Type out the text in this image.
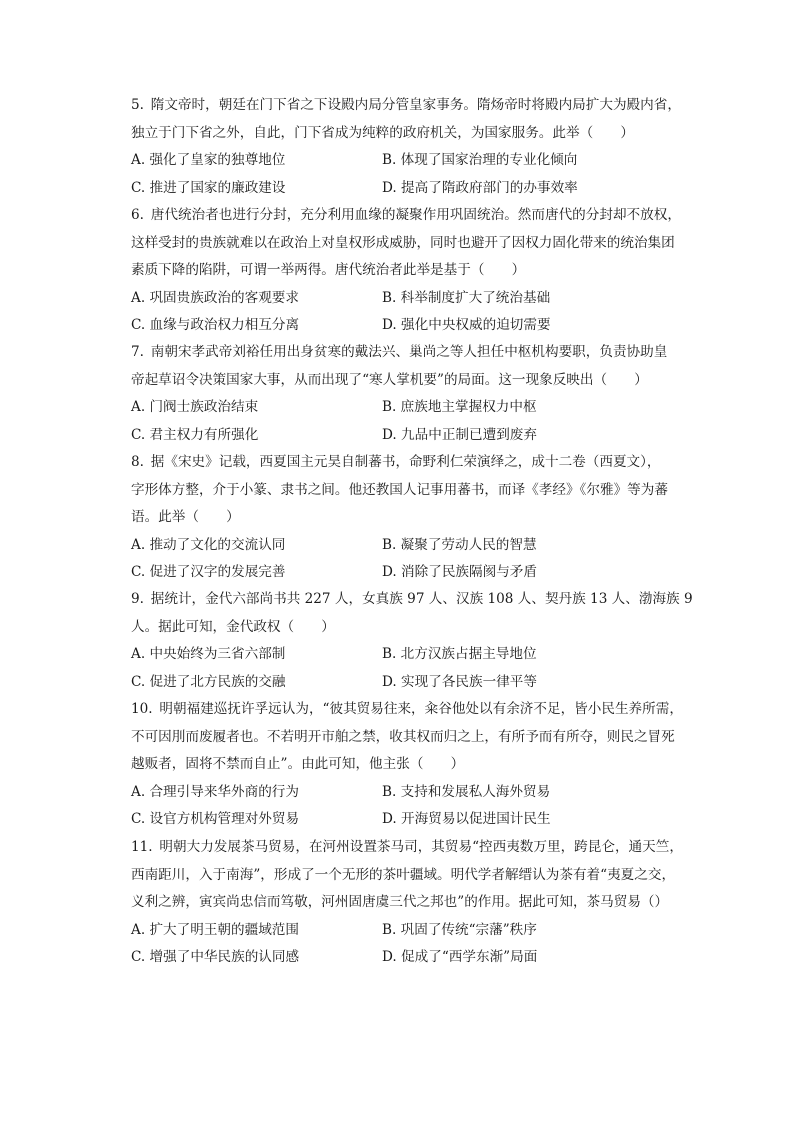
5. 隋文帝时，朝廷在门下省之下设殿内局分管皇家事务。隋炀帝时将殿内局扩大为殿内省，
独立于门下省之外，自此，门下省成为纯粹的政府机关，为国家服务。此举（　　）
A. 强化了皇家的独尊地位	B. 体现了国家治理的专业化倾向
C. 推进了国家的廉政建设	D. 提高了隋政府部门的办事效率
6. 唐代统治者也进行分封，充分利用血缘的凝聚作用巩固统治。然而唐代的分封却不放权，
这样受封的贵族就难以在政治上对皇权形成威胁，同时也避开了因权力固化带来的统治集团
素质下降的陷阱，可谓一举两得。唐代统治者此举是基于（　　）
A. 巩固贵族政治的客观要求	B. 科举制度扩大了统治基础
C. 血缘与政治权力相互分离	D. 强化中央权威的迫切需要
7. 南朝宋孝武帝刘裕任用出身贫寒的戴法兴、巢尚之等人担任中枢机构要职，负责协助皇
帝起草诏令决策国家大事，从而出现了“寒人掌机要”的局面。这一现象反映出（　　）
A. 门阀士族政治结束	B. 庶族地主掌握权力中枢
C. 君主权力有所强化	D. 九品中正制已遭到废弃
8. 据《宋史》记载，西夏国主元昊自制蕃书，命野利仁荣演绎之，成十二卷（西夏文），
字形体方整，介于小篆、隶书之间。他还教国人记事用蕃书，而译《孝经》《尔雅》等为蕃
语。此举（　　）
A. 推动了文化的交流认同	B. 凝聚了劳动人民的智慧
C. 促进了汉字的发展完善	D. 消除了民族隔阂与矛盾
9. 据统计，金代六部尚书共 227 人，女真族 97 人、汉族 108 人、契丹族 13 人、渤海族 9
人。据此可知，金代政权（　　）
A. 中央始终为三省六部制	B. 北方汉族占据主导地位
C. 促进了北方民族的交融	D. 实现了各民族一律平等
10. 明朝福建巡抚许孚远认为，“彼其贸易往来，籴谷他处以有余济不足，皆小民生养所需，
不可因刖而废履者也。不若明开市舶之禁，收其权而归之上，有所予而有所夺，则民之冒死
越贩者，固将不禁而自止”。由此可知，他主张（　　）
A. 合理引导来华外商的行为	B. 支持和发展私人海外贸易
C. 设官方机构管理对外贸易	D. 开海贸易以促进国计民生
11. 明朝大力发展茶马贸易，在河州设置茶马司，其贸易“控西夷数万里，跨昆仑，通天竺，
西南距川，入于南海”，形成了一个无形的茶叶疆域。明代学者解缙认为茶有着“夷夏之交，
义利之辨，寅宾尚忠信而笃敬，河州固唐虞三代之邦也”的作用。据此可知，茶马贸易（）
A. 扩大了明王朝的疆域范围	B. 巩固了传统“宗藩”秩序
C. 增强了中华民族的认同感	D. 促成了“西学东渐”局面
